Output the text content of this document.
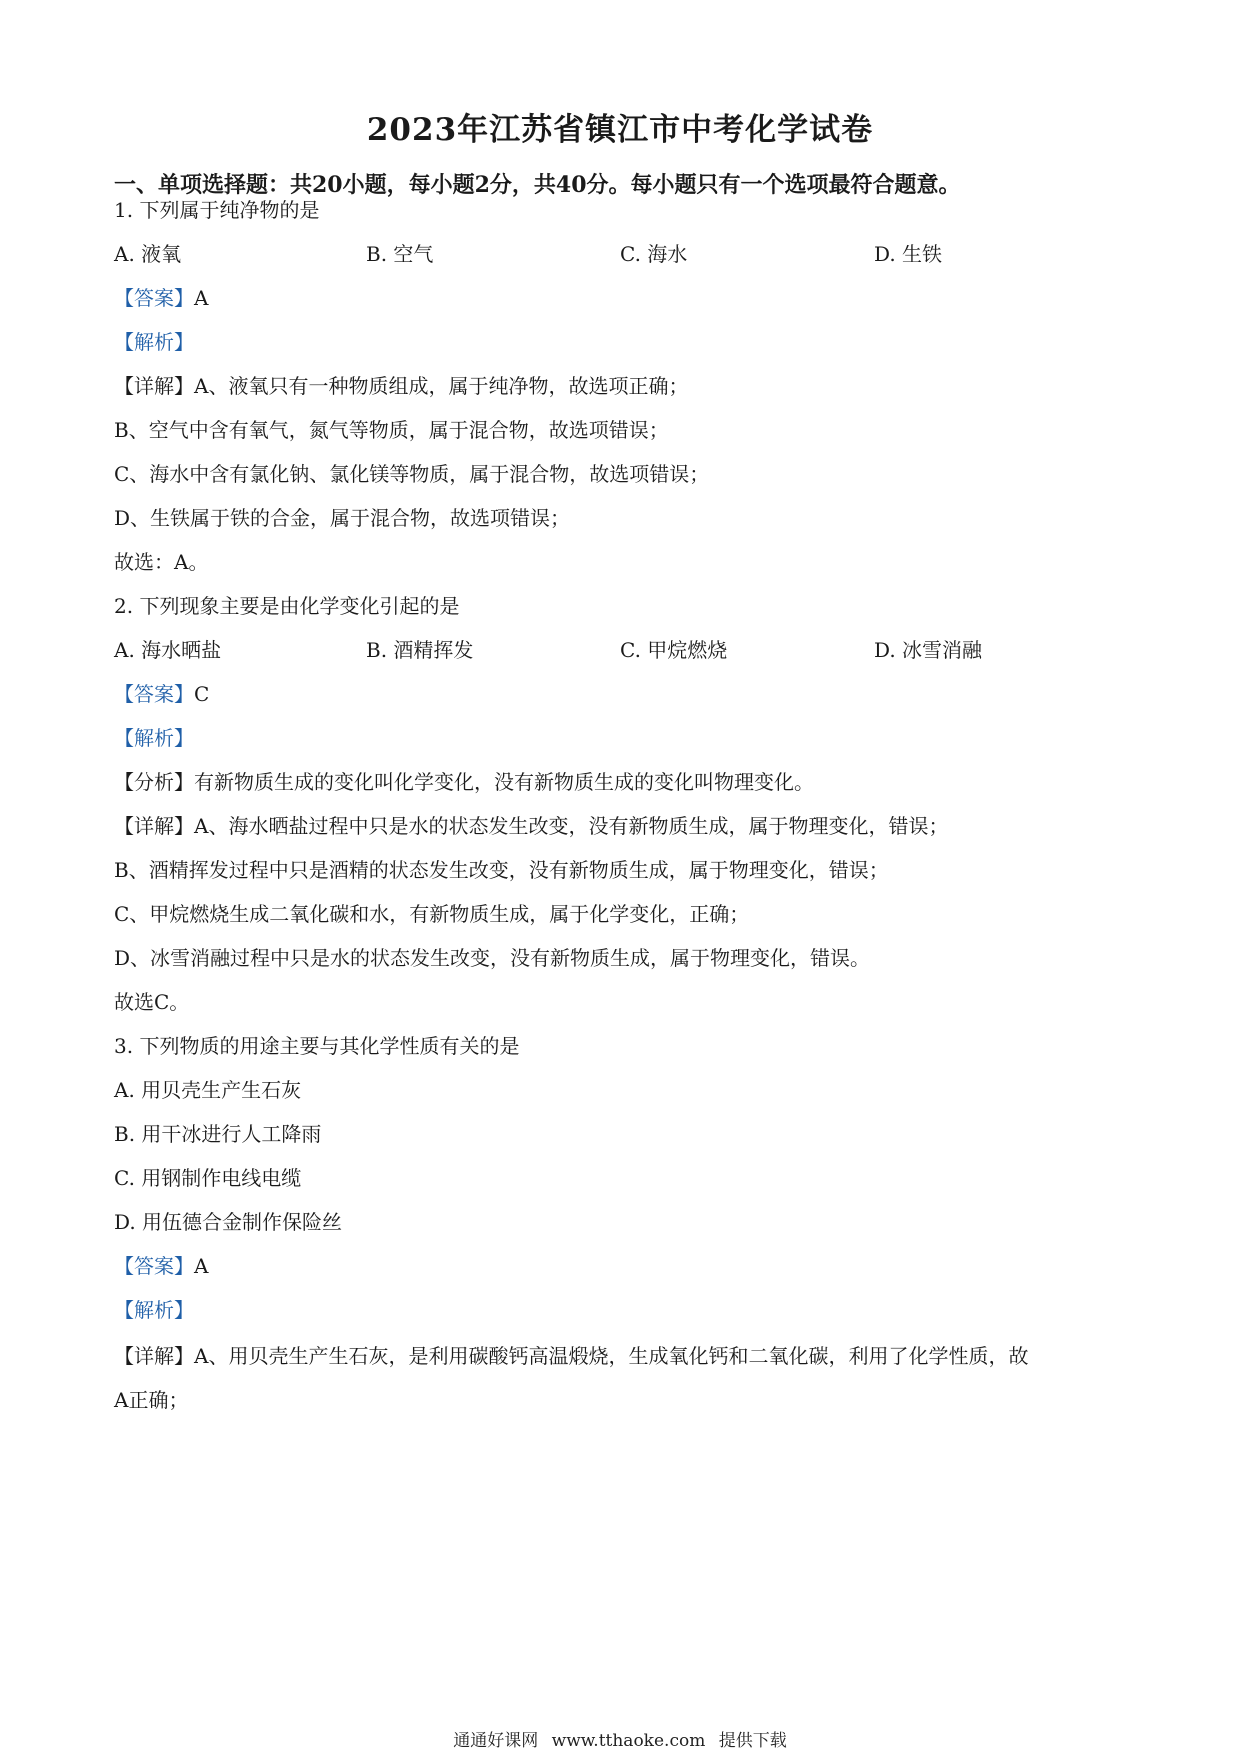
2023年江苏省镇江市中考化学试卷
一、单项选择题：共20小题，每小题2分，共40分。每小题只有一个选项最符合题意。
1. 下列属于纯净物的是
A. 液氧	B. 空气	C. 海水	D. 生铁
【答案】A
【解析】
【详解】A、液氧只有一种物质组成，属于纯净物，故选项正确；
B、空气中含有氧气，氮气等物质，属于混合物，故选项错误；
C、海水中含有氯化钠、氯化镁等物质，属于混合物，故选项错误；
D、生铁属于铁的合金，属于混合物，故选项错误；
故选：A。
2. 下列现象主要是由化学变化引起的是
A. 海水晒盐	B. 酒精挥发	C. 甲烷燃烧	D. 冰雪消融
【答案】C
【解析】
【分析】有新物质生成的变化叫化学变化，没有新物质生成的变化叫物理变化。
【详解】A、海水晒盐过程中只是水的状态发生改变，没有新物质生成，属于物理变化，错误；
B、酒精挥发过程中只是酒精的状态发生改变，没有新物质生成，属于物理变化，错误；
C、甲烷燃烧生成二氧化碳和水，有新物质生成，属于化学变化，正确；
D、冰雪消融过程中只是水的状态发生改变，没有新物质生成，属于物理变化，错误。
故选C。
3. 下列物质的用途主要与其化学性质有关的是
A. 用贝壳生产生石灰
B. 用干冰进行人工降雨
C. 用钢制作电线电缆
D. 用伍德合金制作保险丝
【答案】A
【解析】
【详解】A、用贝壳生产生石灰，是利用碳酸钙高温煅烧，生成氧化钙和二氧化碳，利用了化学性质，故
A正确；
通通好课网 www.tthaoke.com 提供下载
